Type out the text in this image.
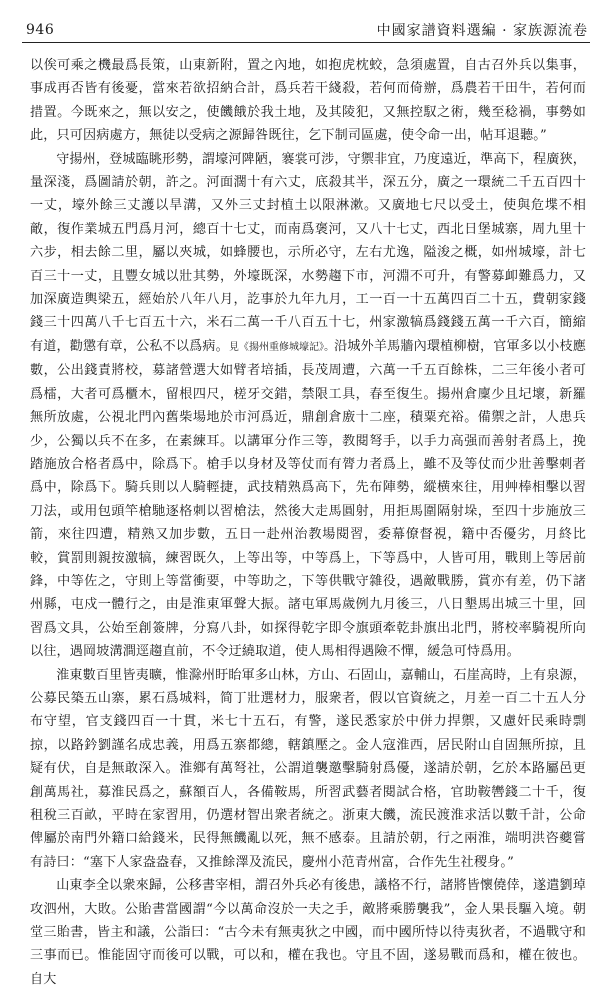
946	中國家譜資料選編 · 家族源流卷

以俟可乘之機最爲長策，山東新附，置之內地，如抱虎枕蛟，急須處置，自古召外兵以集事，事成再否皆有後憂，當來若欲招納合計，爲兵若干綫殺，若何而倚辦，爲農若干田牛，若何而措置。今既來之，無以安之，使饑餓於我土地，及其陵犯，又無控馭之術，幾至稔禍，事勢如此，只可因病處方，無徒以受病之源歸咎既往，乞下制司區處，使令命一出，帖耳退聽。”

守揚州，登城臨眺形勢，謂壕河陴陋，褰裳可涉，守禦非宜，乃度遠近，準高下，程廣狹，量深淺，爲圖請於朝，許之。河面濶十有六丈，底殺其半，深五分，廣之一環統二千五百四十一丈，壕外餘三丈護以旱溝，又外三丈封植土以限淋漱。又廣地七尺以受土，使與危堞不相敵，復作業城五門爲月河，總百十七丈，而南爲褒河，又八十七丈，西北日堡城寨，周九里十六步，相去餘二里，屬以夾城，如蜂腰也，示所必守，左右尤逸，隘浚之概，如州城壕，計七百三十一丈，且豐女城以壯其勢，外壕既深，水勢趨下市，河淵不可升，有警募卹難爲力，又加深廣造輿梁五，經始於八年八月，訖事於九年九月，工一百一十五萬四百二十五，費朝家錢錢三十四萬八千七百五十六，米石二萬一千八百五十七，州家激犒爲錢錢五萬一千六百，簡縮有道，勸懲有章，公私不以爲病。見《揚州重修城壕記》。沿城外羊馬牆內環植柳樹，官軍多以小枝應數，公出錢責將校，募諸營選大如臂者培插，長茂周遭，六萬一千五百餘株，二三年後小者可爲檑，大者可爲櫃木，留根四尺，槎牙交錯，禁限工具，春至復生。揚州倉廩少且圮壞，新羅無所放處，公視北門內舊柴場地於市河爲近，鼎創倉廒十二座，積粟充裕。備禦之計，人患兵少，公獨以兵不在多，在素練耳。以講軍分作三等，教閱弩手，以手力高强而善射者爲上，挽踏施放合格者爲中，除爲下。槍手以身材及等仗而有膂力者爲上，雖不及等仗而少壯善擊刺者爲中，除爲下。騎兵則以人騎輕捷，武技精熟爲高下，先布陣勢，縱横來往，用艸棒相擊以習刀法，或用包頭竿槍馳逐格刺以習槍法，然後大走馬圓射，用拒馬圍隔射垛，至四十步施放三箭，來往四遭，精熟又加步數，五日一赴州治教場閱習，委幕僚督視，籍中否優劣，月終比較，賞罰則親按激犒，練習既久，上等出等，中等爲上，下等爲中，人皆可用，戰則上等居前鋒，中等佐之，守則上等當衝要，中等助之，下等供戰守雜役，遇敵戰勝，賞亦有差，仍下諸州縣，屯戍一體行之，由是淮東軍聲大振。諸屯軍馬歲例九月後三，八日墾馬出城三十里，回習爲文具，公始至創簽牌，分寫八卦，如探得乾字即令旗頭牽乾卦旗出北門，將校率騎視所向以往，遇岡坡溝澗逕趨直前，不令迂繞取道，使人馬相得遇險不憚，緩急可恃爲用。

淮東數百里皆夷曠，惟滁州盱眙軍多山林，方山、石固山，嘉輔山，石崖高時，上有泉源，公募民築五山寨，累石爲城料，简丁壯選材力，服衆者，假以官資統之，月差一百二十五人分布守望，官支錢四百一十貫，米七十五石，有警，遂民悉家於中併力捍禦，又慮奸民乘時剽掠，以路鈐劉謹名成忠義，用爲五寨都總，轄鎮壓之。金人寇淮西，居民附山自固無所掠，且疑有伏，自是無敢深入。淮鄉有萬弩社，公謂道襲邀擊騎射爲優，遂請於朝，乞於本路屬邑更創萬馬社，募淮民爲之，蘇額百人，各備鞍馬，所習武藝者閱試合格，官助鞍轡錢二十千，復租稅三百畝，平時在家習用，仍選材智出衆者統之。浙東大饑，流民渡淮求活以數千計，公命俾屬於南門外籍口給錢米，民得無饑亂以死，無不感泰。且請於朝，行之兩淮，端明洪咨夔嘗有詩曰：“塞下人家盎盎春，又推餘澤及流民，慶州小范青州富，合作先生社稷身。”

山東李全以衆來歸，公移書宰相，謂召外兵必有後患，議格不行，諸將皆懷僥倖，遂遣劉琸攻泗州，大敗。公貽書當國謂“今以萬命沒於一夫之手，敵將乘勝襲我”，金人果長驅入境。朝堂三貽書，皆主和議，公詣曰：“古今未有無夷狄之中國，而中國所恃以待夷狄者，不過戰守和三事而已。惟能固守而後可以戰，可以和，權在我也。守且不固，遂易戰而爲和，權在彼也。自大
